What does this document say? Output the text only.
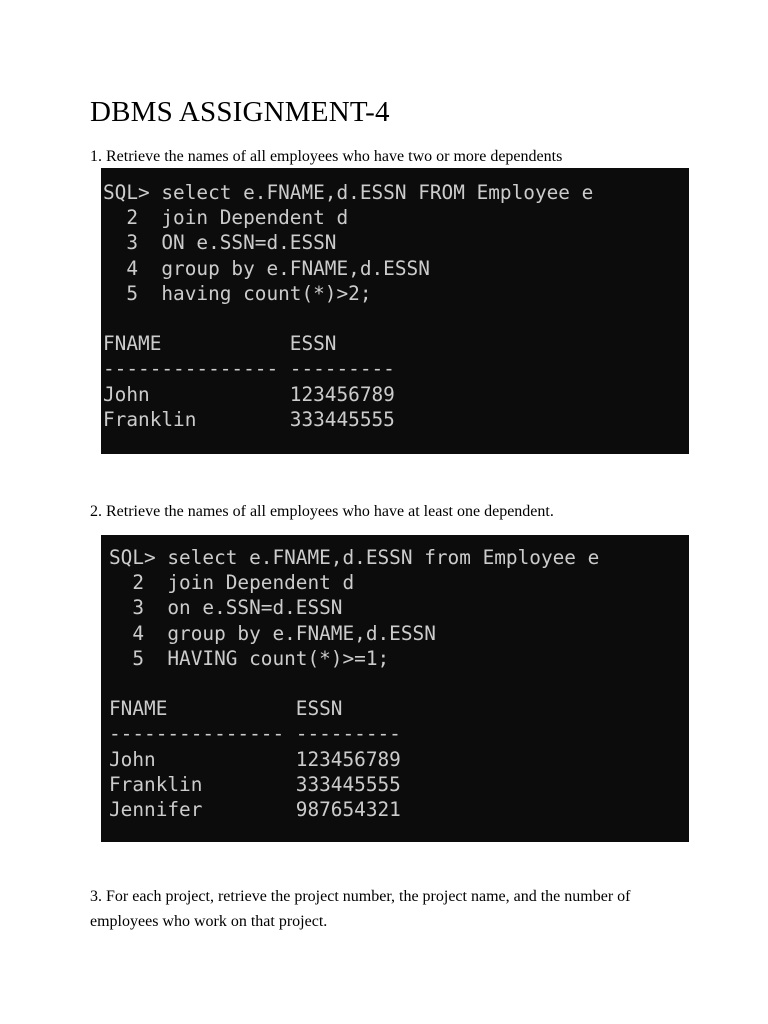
DBMS ASSIGNMENT-4
1. Retrieve the names of all employees who have two or more dependents
SQL> select e.FNAME,d.ESSN FROM Employee e
2  join Dependent d
3  ON e.SSN=d.ESSN
4  group by e.FNAME,d.ESSN
5  having count(*)>2;
FNAME           ESSN
--------------- ---------
John            123456789
Franklin        333445555
2. Retrieve the names of all employees who have at least one dependent.
SQL> select e.FNAME,d.ESSN from Employee e
2  join Dependent d
3  on e.SSN=d.ESSN
4  group by e.FNAME,d.ESSN
5  HAVING count(*)>=1;
FNAME           ESSN
--------------- ---------
John            123456789
Franklin        333445555
Jennifer        987654321
3. For each project, retrieve the project number, the project name, and the number of employees who work on that project.
